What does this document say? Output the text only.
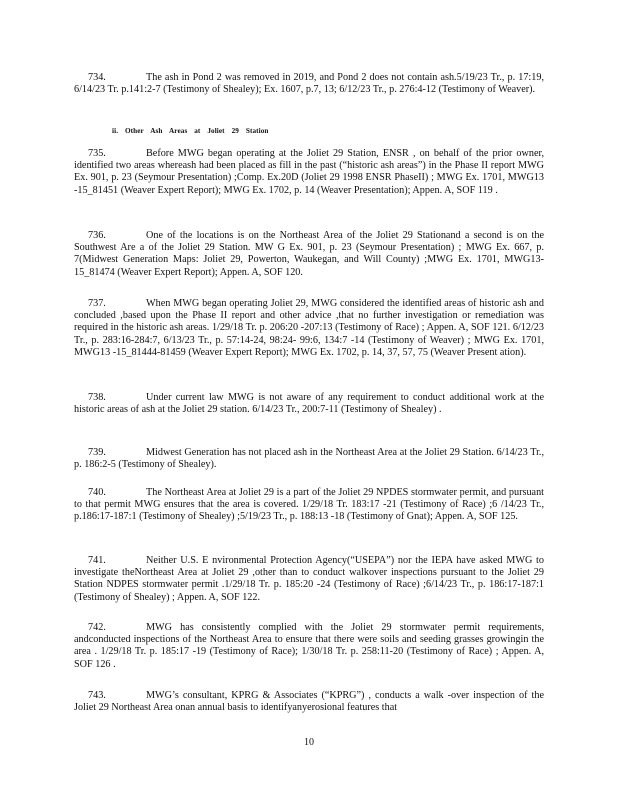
734.	The ash in Pond 2 was removed in 2019, and Pond 2 does not contain ash.5/19/23 Tr., p. 17:19, 6/14/23 Tr. p.141:2-7 (Testimony of Shealey); Ex. 1607, p.7, 13; 6/12/23 Tr., p. 276:4-12 (Testimony of Weaver).

ii. Other Ash Areas at Joliet 29 Station

735.	Before MWG began operating at the Joliet 29 Station, ENSR , on behalf of the prior owner, identified two areas whereash had been placed as fill in the past (“historic ash areas”) in the Phase II report MWG Ex. 901, p. 23 (Seymour Presentation) ;Comp. Ex.20D (Joliet 29 1998 ENSR PhaseII) ; MWG Ex. 1701, MWG13 -15_81451 (Weaver Expert Report); MWG Ex. 1702, p. 14 (Weaver Presentation); Appen. A, SOF 119 .

736.	One of the locations is on the Northeast Area of the Joliet 29 Stationand a second is on the Southwest Are a of the Joliet 29 Station. MW G Ex. 901, p. 23 (Seymour Presentation) ; MWG Ex. 667, p. 7(Midwest Generation Maps: Joliet 29, Powerton, Waukegan, and Will County) ;MWG Ex. 1701, MWG13-15_81474 (Weaver Expert Report); Appen. A, SOF 120.

737.	When MWG began operating Joliet 29, MWG considered the identified areas of historic ash and concluded ,based upon the Phase II report and other advice ,that no further investigation or remediation was required in the historic ash areas. 1/29/18 Tr. p. 206:20 -207:13 (Testimony of Race) ; Appen. A, SOF 121. 6/12/23 Tr., p. 283:16-284:7, 6/13/23 Tr., p. 57:14-24, 98:24- 99:6, 134:7 -14 (Testimony of Weaver) ; MWG Ex. 1701, MWG13 -15_81444-81459 (Weaver Expert Report); MWG Ex. 1702, p. 14, 37, 57, 75 (Weaver Present ation).

738.	Under current law MWG is not aware of any requirement to conduct additional work at the historic areas of ash at the Joliet 29 station. 6/14/23 Tr., 200:7-11 (Testimony of Shealey) .

739.	Midwest Generation has not placed ash in the Northeast Area at the Joliet 29 Station. 6/14/23 Tr., p. 186:2-5 (Testimony of Shealey).

740.	The Northeast Area at Joliet 29 is a part of the Joliet 29 NPDES stormwater permit, and pursuant to that permit MWG ensures that the area is covered. 1/29/18 Tr. 183:17 -21 (Testimony of Race) ;6 /14/23 Tr., p.186:17-187:1 (Testimony of Shealey) ;5/19/23 Tr., p. 188:13 -18 (Testimony of Gnat); Appen. A, SOF 125.

741.	Neither U.S. E nvironmental Protection Agency(“USEPA”) nor the IEPA have asked MWG to investigate theNortheast Area at Joliet 29 ,other than to conduct walkover inspections pursuant to the Joliet 29 Station NDPES stormwater permit .1/29/18 Tr. p. 185:20 -24 (Testimony of Race) ;6/14/23 Tr., p. 186:17-187:1 (Testimony of Shealey) ; Appen. A, SOF 122.

742.	MWG has consistently complied with the Joliet 29 stormwater permit requirements, andconducted inspections of the Northeast Area to ensure that there were soils and seeding grasses growingin the area . 1/29/18 Tr. p. 185:17 -19 (Testimony of Race); 1/30/18 Tr. p. 258:11-20 (Testimony of Race) ; Appen. A, SOF 126 .

743.	MWG’s consultant, KPRG & Associates (“KPRG”) , conducts a walk -over inspection of the Joliet 29 Northeast Area onan annual basis to identifyanyerosional features that

10
